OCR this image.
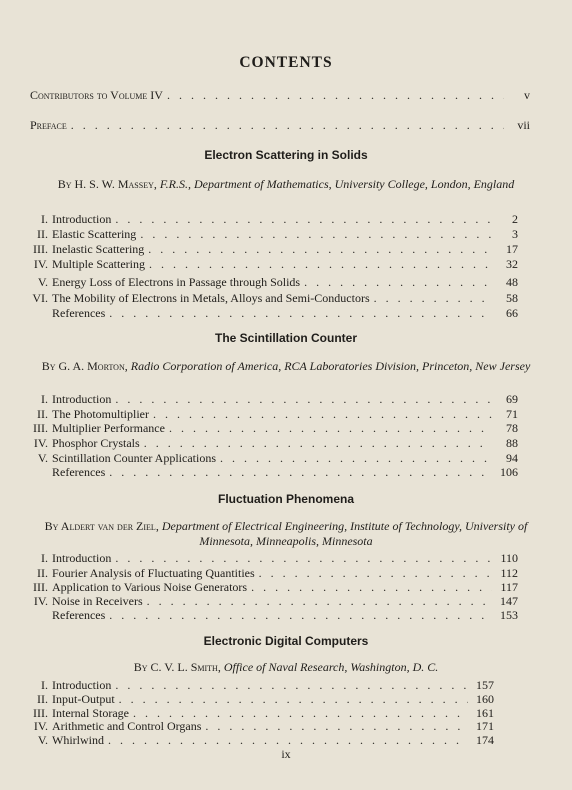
CONTENTS
Contributors to Volume IV . . .	v
Preface . . .	vii
Electron Scattering in Solids
By H. S. W. Massey, F.R.S., Department of Mathematics, University College, London, England
I. Introduction . . .	2
II. Elastic Scattering . . .	3
III. Inelastic Scattering . . .	17
IV. Multiple Scattering . . .	32
V. Energy Loss of Electrons in Passage through Solids . . .	48
VI. The Mobility of Electrons in Metals, Alloys and Semi-Conductors . . .	58
References . . .	66
The Scintillation Counter
By G. A. Morton, Radio Corporation of America, RCA Laboratories Division, Princeton, New Jersey
I. Introduction . . .	69
II. The Photomultiplier . . .	71
III. Multiplier Performance . . .	78
IV. Phosphor Crystals . . .	88
V. Scintillation Counter Applications . . .	94
References . . .	106
Fluctuation Phenomena
By Aldert van der Ziel, Department of Electrical Engineering, Institute of Technology, University of Minnesota, Minneapolis, Minnesota
I. Introduction . . .	110
II. Fourier Analysis of Fluctuating Quantities . . .	112
III. Application to Various Noise Generators . . .	117
IV. Noise in Receivers . . .	147
References . . .	153
Electronic Digital Computers
By C. V. L. Smith, Office of Naval Research, Washington, D. C.
I. Introduction . . .	157
II. Input-Output . . .	160
III. Internal Storage . . .	161
IV. Arithmetic and Control Organs . . .	171
V. Whirlwind . . .	174
ix
